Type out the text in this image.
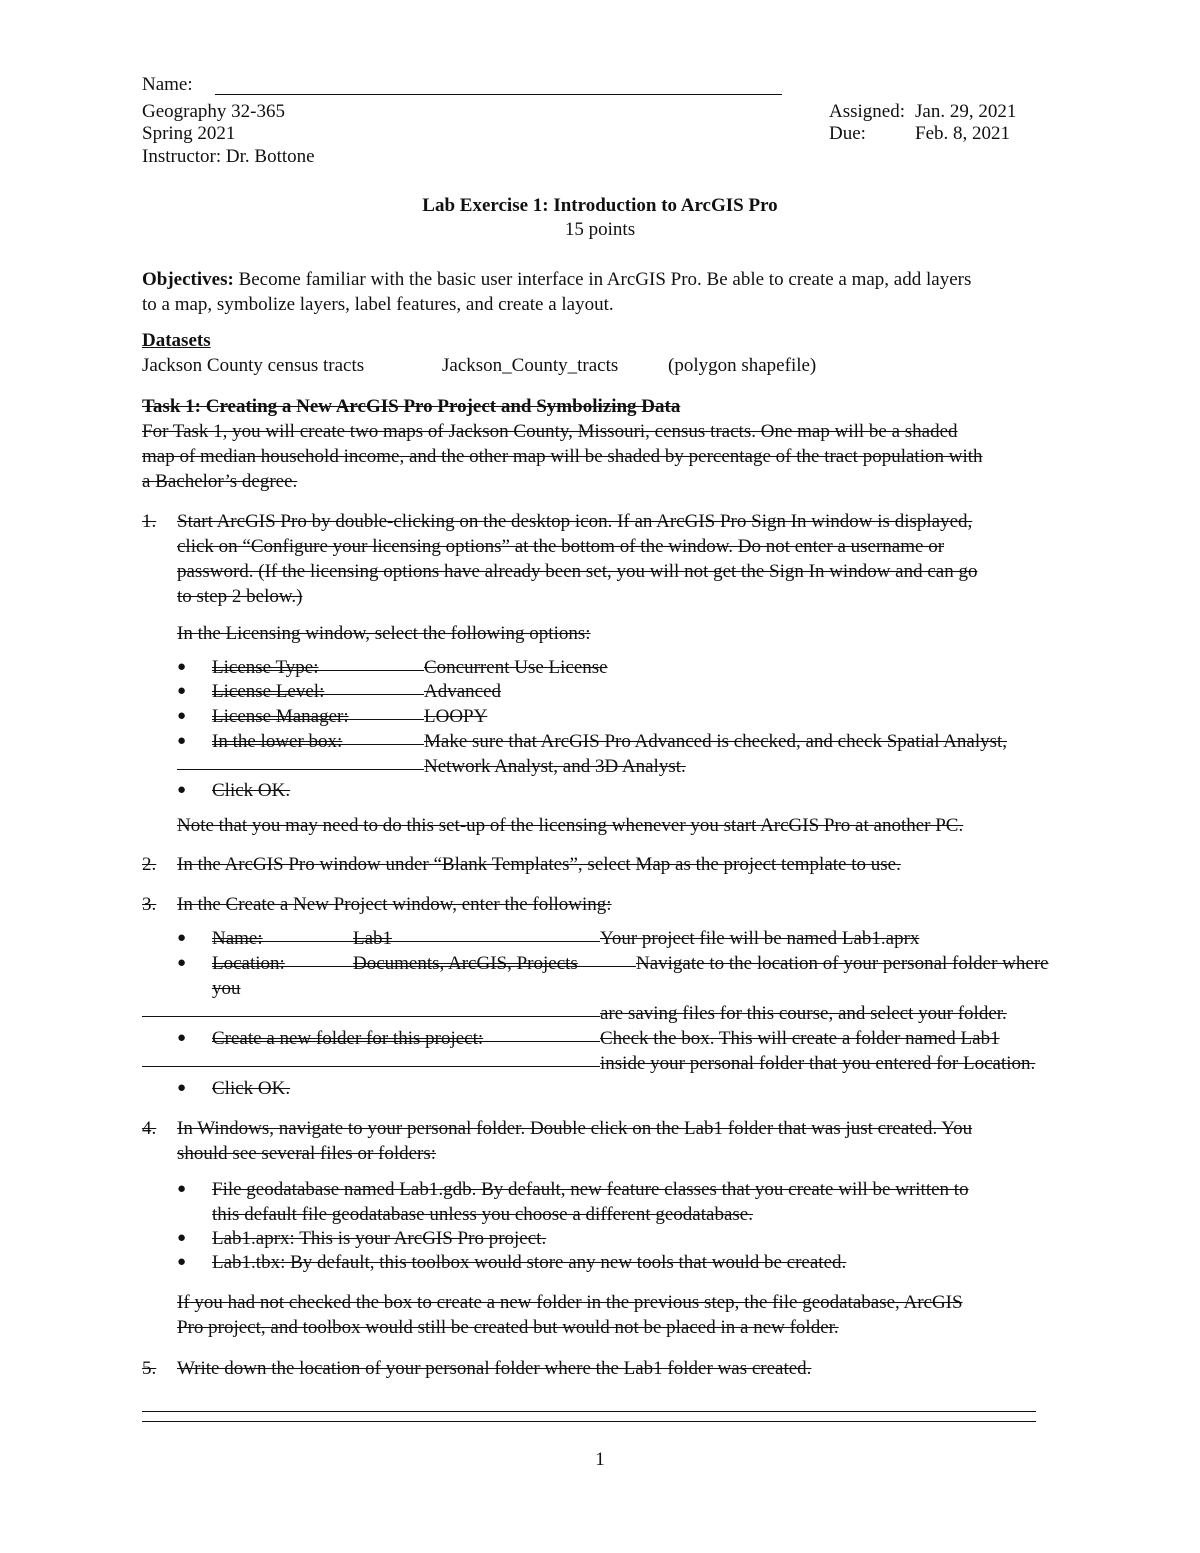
Name:
Geography 32-365
Spring 2021
Instructor: Dr. Bottone
Assigned: Jan. 29, 2021
Due:	Feb. 8, 2021
Lab Exercise 1: Introduction to ArcGIS Pro
15 points
Objectives: Become familiar with the basic user interface in ArcGIS Pro. Be able to create a map, add layers
to a map, symbolize layers, label features, and create a layout.
Datasets
Jackson County census tracts	Jackson_County_tracts	(polygon shapefile)
Task 1: Creating a New ArcGIS Pro Project and Symbolizing Data
For Task 1, you will create two maps of Jackson County, Missouri, census tracts. One map will be a shaded
map of median household income, and the other map will be shaded by percentage of the tract population with
a Bachelor’s degree.
1. Start ArcGIS Pro by double-clicking on the desktop icon. If an ArcGIS Pro Sign In window is displayed,
click on “Configure your licensing options” at the bottom of the window. Do not enter a username or
password. (If the licensing options have already been set, you will not get the Sign In window and can go
to step 2 below.)
In the Licensing window, select the following options:
● License Type:	Concurrent Use License
● License Level:	Advanced
● License Manager:	LOOPY
● In the lower box:	Make sure that ArcGIS Pro Advanced is checked, and check Spatial Analyst,
Network Analyst, and 3D Analyst.
● Click OK.
Note that you may need to do this set-up of the licensing whenever you start ArcGIS Pro at another PC.
2. In the ArcGIS Pro window under “Blank Templates”, select Map as the project template to use.
3. In the Create a New Project window, enter the following:
● Name:	Lab1	Your project file will be named Lab1.aprx
● Location:	Documents, ArcGIS, Projects	Navigate to the location of your personal folder where
you
are saving files for this course, and select your folder.
● Create a new folder for this project:	Check the box. This will create a folder named Lab1
inside your personal folder that you entered for Location.
● Click OK.
4. In Windows, navigate to your personal folder. Double click on the Lab1 folder that was just created. You
should see several files or folders:
● File geodatabase named Lab1.gdb. By default, new feature classes that you create will be written to
this default file geodatabase unless you choose a different geodatabase.
● Lab1.aprx: This is your ArcGIS Pro project.
● Lab1.tbx: By default, this toolbox would store any new tools that would be created.
If you had not checked the box to create a new folder in the previous step, the file geodatabase, ArcGIS
Pro project, and toolbox would still be created but would not be placed in a new folder.
5. Write down the location of your personal folder where the Lab1 folder was created.
1
